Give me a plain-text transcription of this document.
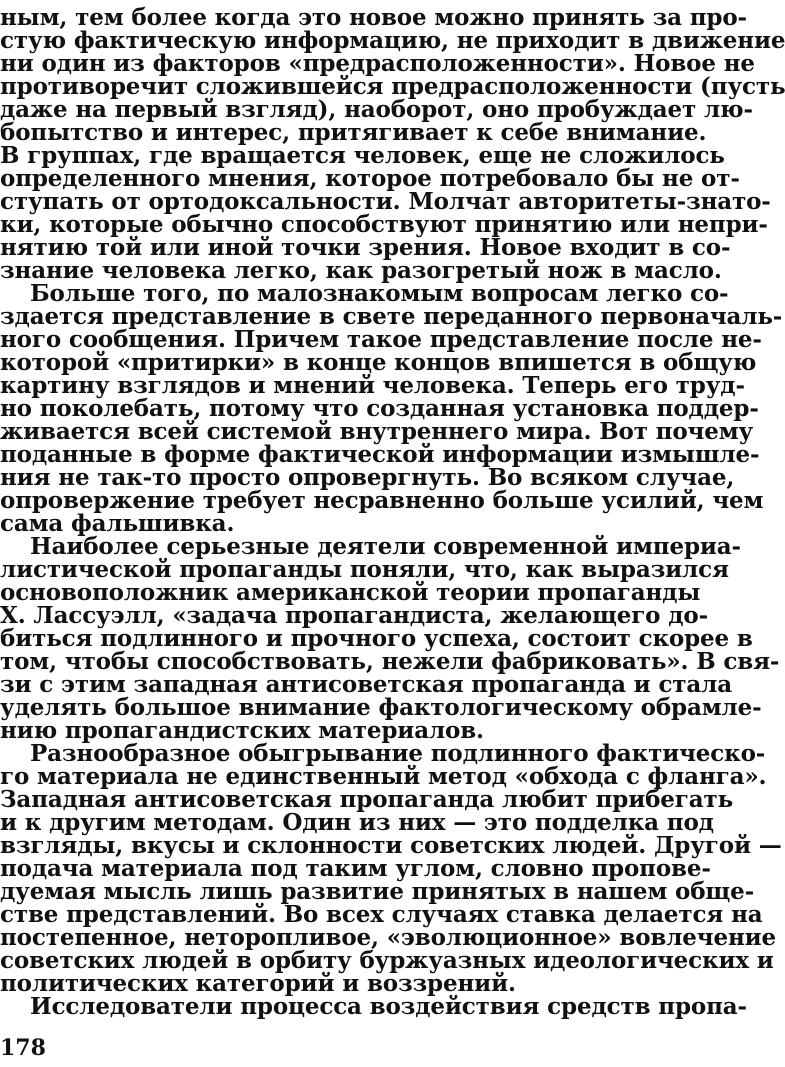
ным, тем более когда это новое можно принять за про-
стую фактическую информацию, не приходит в движение
ни один из факторов «предрасположенности». Новое не
противоречит сложившейся предрасположенности (пусть
даже на первый взгляд), наоборот, оно пробуждает лю-
бопытство и интерес, притягивает к себе внимание.
В группах, где вращается человек, еще не сложилось
определенного мнения, которое потребовало бы не от-
ступать от ортодоксальности. Молчат авторитеты-знато-
ки, которые обычно способствуют принятию или непри-
нятию той или иной точки зрения. Новое входит в со-
знание человека легко, как разогретый нож в масло.
Больше того, по малознакомым вопросам легко со-
здается представление в свете переданного первоначаль-
ного сообщения. Причем такое представление после не-
которой «притирки» в конце концов впишется в общую
картину взглядов и мнений человека. Теперь его труд-
но поколебать, потому что созданная установка поддер-
живается всей системой внутреннего мира. Вот почему
поданные в форме фактической информации измышле-
ния не так-то просто опровергнуть. Во всяком случае,
опровержение требует несравненно больше усилий, чем
сама фальшивка.
Наиболее серьезные деятели современной империа-
листической пропаганды поняли, что, как выразился
основоположник американской теории пропаганды
Х. Лассуэлл, «задача пропагандиста, желающего до-
биться подлинного и прочного успеха, состоит скорее в
том, чтобы способствовать, нежели фабриковать». В свя-
зи с этим западная антисоветская пропаганда и стала
уделять большое внимание фактологическому обрамле-
нию пропагандистских материалов.
Разнообразное обыгрывание подлинного фактическо-
го материала не единственный метод «обхода с фланга».
Западная антисоветская пропаганда любит прибегать
и к другим методам. Один из них — это подделка под
взгляды, вкусы и склонности советских людей. Другой —
подача материала под таким углом, словно пропове-
дуемая мысль лишь развитие принятых в нашем обще-
стве представлений. Во всех случаях ставка делается на
постепенное, неторопливое, «эволюционное» вовлечение
советских людей в орбиту буржуазных идеологических и
политических категорий и воззрений.
Исследователи процесса воздействия средств пропа-
178
